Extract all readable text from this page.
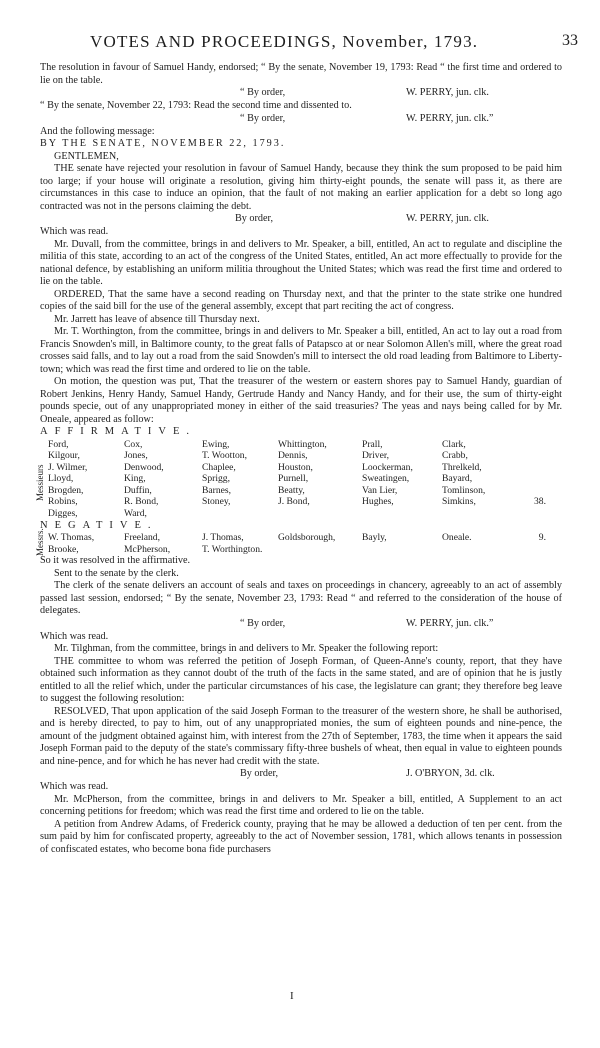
VOTES AND PROCEEDINGS, November, 1793.	33

The resolution in favour of Samuel Handy, endorsed; “ By the senate, November 19, 1793: Read “ the first time and ordered to lie on the table.

“ By order,	W. PERRY, jun. clk.

“ By the senate, November 22, 1793: Read the second time and dissented to.

“ By order,	W. PERRY, jun. clk.”

And the following message:

BY THE SENATE, NOVEMBER 22, 1793.

GENTLEMEN,

THE senate have rejected your resolution in favour of Samuel Handy, because they think the sum proposed to be paid him too large; if your house will originate a resolution, giving him thirty-eight pounds, the senate will pass it, as there are circumstances in this case to induce an opinion, that the fault of not making an earlier application for a debt so long ago contracted was not in the persons claiming the debt.

By order,	W. PERRY, jun. clk.

Which was read.

Mr. Duvall, from the committee, brings in and delivers to Mr. Speaker, a bill, entitled, An act to regulate and discipline the militia of this state, according to an act of the congress of the United States, entitled, An act more effectually to provide for the national defence, by establishing an uniform militia throughout the United States; which was read the first time and ordered to lie on the table.

ORDERED, That the same have a second reading on Thursday next, and that the printer to the state strike one hundred copies of the said bill for the use of the general assembly, except that part reciting the act of congress.

Mr. Jarrett has leave of absence till Thursday next.

Mr. T. Worthington, from the committee, brings in and delivers to Mr. Speaker a bill, entitled, An act to lay out a road from Francis Snowden's mill, in Baltimore county, to the great falls of Patapsco at or near Solomon Allen's mill, where the great road crosses said falls, and to lay out a road from the said Snowden's mill to intersect the old road leading from Baltimore to Liberty-town; which was read the first time and ordered to lie on the table.

On motion, the question was put, That the treasurer of the western or eastern shores pay to Samuel Handy, guardian of Robert Jenkins, Henry Handy, Samuel Handy, Gertrude Handy and Nancy Handy, and for their use, the sum of thirty-eight pounds specie, out of any unappropriated money in either of the said treasuries? The yeas and nays being called for by Mr. Oneale, appeared as follow:

AFFIRMATIVE.

Messieurs
Ford,	Cox,	Ewing,	Whittington,	Prall,	Clark,
Kilgour,	Jones,	T. Wootton,	Dennis,	Driver,	Crabb,
J. Wilmer,	Denwood,	Chaplee,	Houston,	Loockerman,	Threlkeld,
Lloyd,	King,	Sprigg,	Purnell,	Sweatingen,	Bayard,
Brogden,	Duffin,	Barnes,	Beatty,	Van Lier,	Tomlinson,
Robins,	R. Bond,	Stoney,	J. Bond,	Hughes,	Simkins,	38.
Digges,	Ward,

NEGATIVE.

Messrs. W. Thomas,	Freeland,	J. Thomas,	Goldsborough,	Bayly,	Oneale.	9.
Brooke,	McPherson,	T. Worthington.

So it was resolved in the affirmative.

Sent to the senate by the clerk.

The clerk of the senate delivers an account of seals and taxes on proceedings in chancery, agreeably to an act of assembly passed last session, endorsed; “ By the senate, November 23, 1793: Read “ and referred to the consideration of the house of delegates.

“ By order,	W. PERRY, jun. clk.”

Which was read.

Mr. Tilghman, from the committee, brings in and delivers to Mr. Speaker the following report:

THE committee to whom was referred the petition of Joseph Forman, of Queen-Anne's county, report, that they have obtained such information as they cannot doubt of the truth of the facts in the same stated, and are of opinion that he is justly entitled to all the relief which, under the particular circumstances of his case, the legislature can grant; they therefore beg leave to suggest the following resolution:

RESOLVED, That upon application of the said Joseph Forman to the treasurer of the western shore, he shall be authorised, and is hereby directed, to pay to him, out of any unappropriated monies, the sum of eighteen pounds and nine-pence, the amount of the judgment obtained against him, with interest from the 27th of September, 1783, the time when it appears the said Joseph Forman paid to the deputy of the state's commissary fifty-three bushels of wheat, then equal in value to eighteen pounds and nine-pence, and for which he has never had credit with the state.

By order,	J. O'BRYON, 3d. clk.

Which was read.

Mr. McPherson, from the committee, brings in and delivers to Mr. Speaker a bill, entitled, A Supplement to an act concerning petitions for freedom; which was read the first time and ordered to lie on the table.

A petition from Andrew Adams, of Frederick county, praying that he may be allowed a deduction of ten per cent. from the sum paid by him for confiscated property, agreeably to the act of November session, 1781, which allows tenants in possession of confiscated estates, who become bona fide purchasers

I
